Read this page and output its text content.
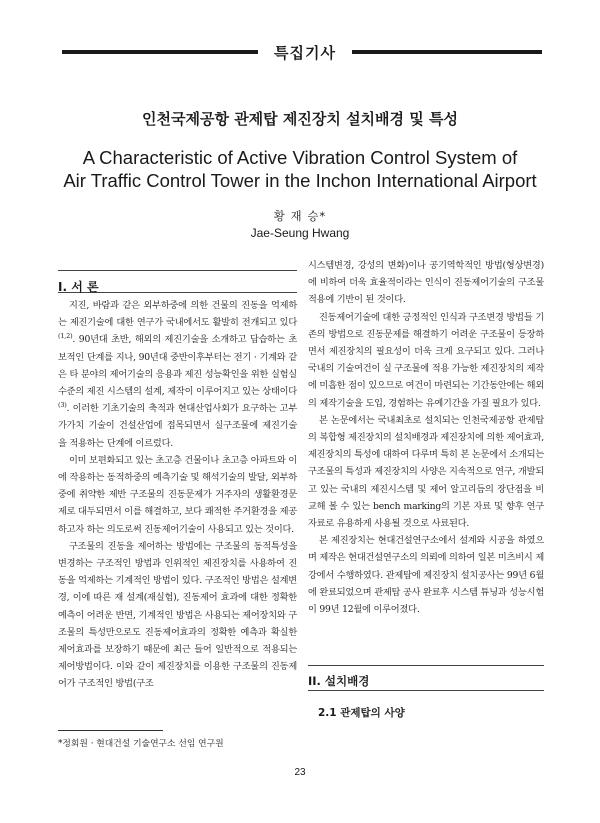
특집기사
인천국제공항 관제탑 제진장치 설치배경 및 특성
A Characteristic of Active Vibration Control System of
Air Traffic Control Tower in the Inchon International Airport
황 재 승*
Jae-Seung Hwang
I. 서 론

지진, 바람과 같은 외부하중에 의한 건물의 진동을 억제하는 제진기술에 대한 연구가 국내에서도 활발히 전개되고 있다$^{(1,2)}$. 90년대 초반, 해외의 제진기술을 소개하고 답습하는 초보적인 단계를 지나, 90년대 중반이후부터는 전기 · 기계와 같은 타 분야의 제어기술의 응용과 제진 성능확인을 위한 실험실 수준의 제진 시스템의 설계, 제작이 이루어지고 있는 상태이다$^{(3)}$. 이러한 기초기술의 축적과 현대산업사회가 요구하는 고부가가치 기술이 건설산업에 접목되면서 실구조물에 제진기술을 적용하는 단계에 이르렀다.

이미 보편화되고 있는 초고층 건물이나 초고층 아파트와 이에 작용하는 동적하중의 예측기술 및 해석기술의 발달, 외부하중에 취약한 제반 구조물의 진동문제가 거주자의 생활환경문제로 대두되면서 이를 해결하고, 보다 쾌적한 주거환경을 제공하고자 하는 의도로써 진동제어기술이 사용되고 있는 것이다.

구조물의 진동을 제어하는 방법에는 구조물의 동적특성을 변경하는 구조적인 방법과 인위적인 제진장치를 사용하여 진동을 억제하는 기계적인 방법이 있다. 구조적인 방법은 설계변경, 이에 따른 재 설계(재실험), 진동제어 효과에 대한 정확한 예측이 어려운 반면, 기계적인 방법은 사용되는 제어장치와 구조물의 특성만으로도 진동제어효과의 정확한 예측과 확실한 제어효과를 보장하기 때문에 최근 들어 일반적으로 적용되는 제어방법이다. 이와 같이 제진장치를 이용한 구조물의 진동제어가 구조적인 방법(구조

시스템변경, 강성의 변화)이나 공기역학적인 방법(형상변경)에 비하여 더욱 효율적이라는 인식이 진동제어기술의 구조물 적용에 기반이 된 것이다.

진동제어기술에 대한 긍정적인 인식과 구조변경 방법들 기존의 방법으로 진동문제를 해결하기 어려운 구조물이 등장하면서 제진장치의 필요성이 더욱 크게 요구되고 있다. 그러나 국내의 기술여건이 실 구조물에 적용 가능한 제진장치의 제작에 미흡한 점이 있으므로 여건이 마련되는 기간동안에는 해외의 제작기술을 도입, 경험하는 유예기간을 가질 필요가 있다.

본 논문에서는 국내최초로 설치되는 인천국제공항 관제탑의 복합형 제진장치의 설치배경과 제진장치에 의한 제어효과, 제진장치의 특성에 대하여 다루며 특히 본 논문에서 소개되는 구조물의 특성과 제진장치의 사양은 지속적으로 연구, 개발되고 있는 국내의 제진시스템 및 제어 알고리듬의 장단점을 비교해 볼 수 있는 bench marking의 기본 자료 및 향후 연구자료로 유용하게 사용될 것으로 사료된다.

본 제진장치는 현대건설연구소에서 설계와 시공을 하였으며 제작은 현대건설연구소의 의뢰에 의하여 일본 미츠비시 제강에서 수행하였다. 관제탑에 제진장치 설치공사는 99년 6월에 완료되었으며 관제탑 공사 완료후 시스템 튜닝과 성능시험이 99년 12월에 이루어졌다.

II. 설치배경
2.1 관제탑의 사양
*정회원 · 현대건설 기술연구소 선임 연구원
23
